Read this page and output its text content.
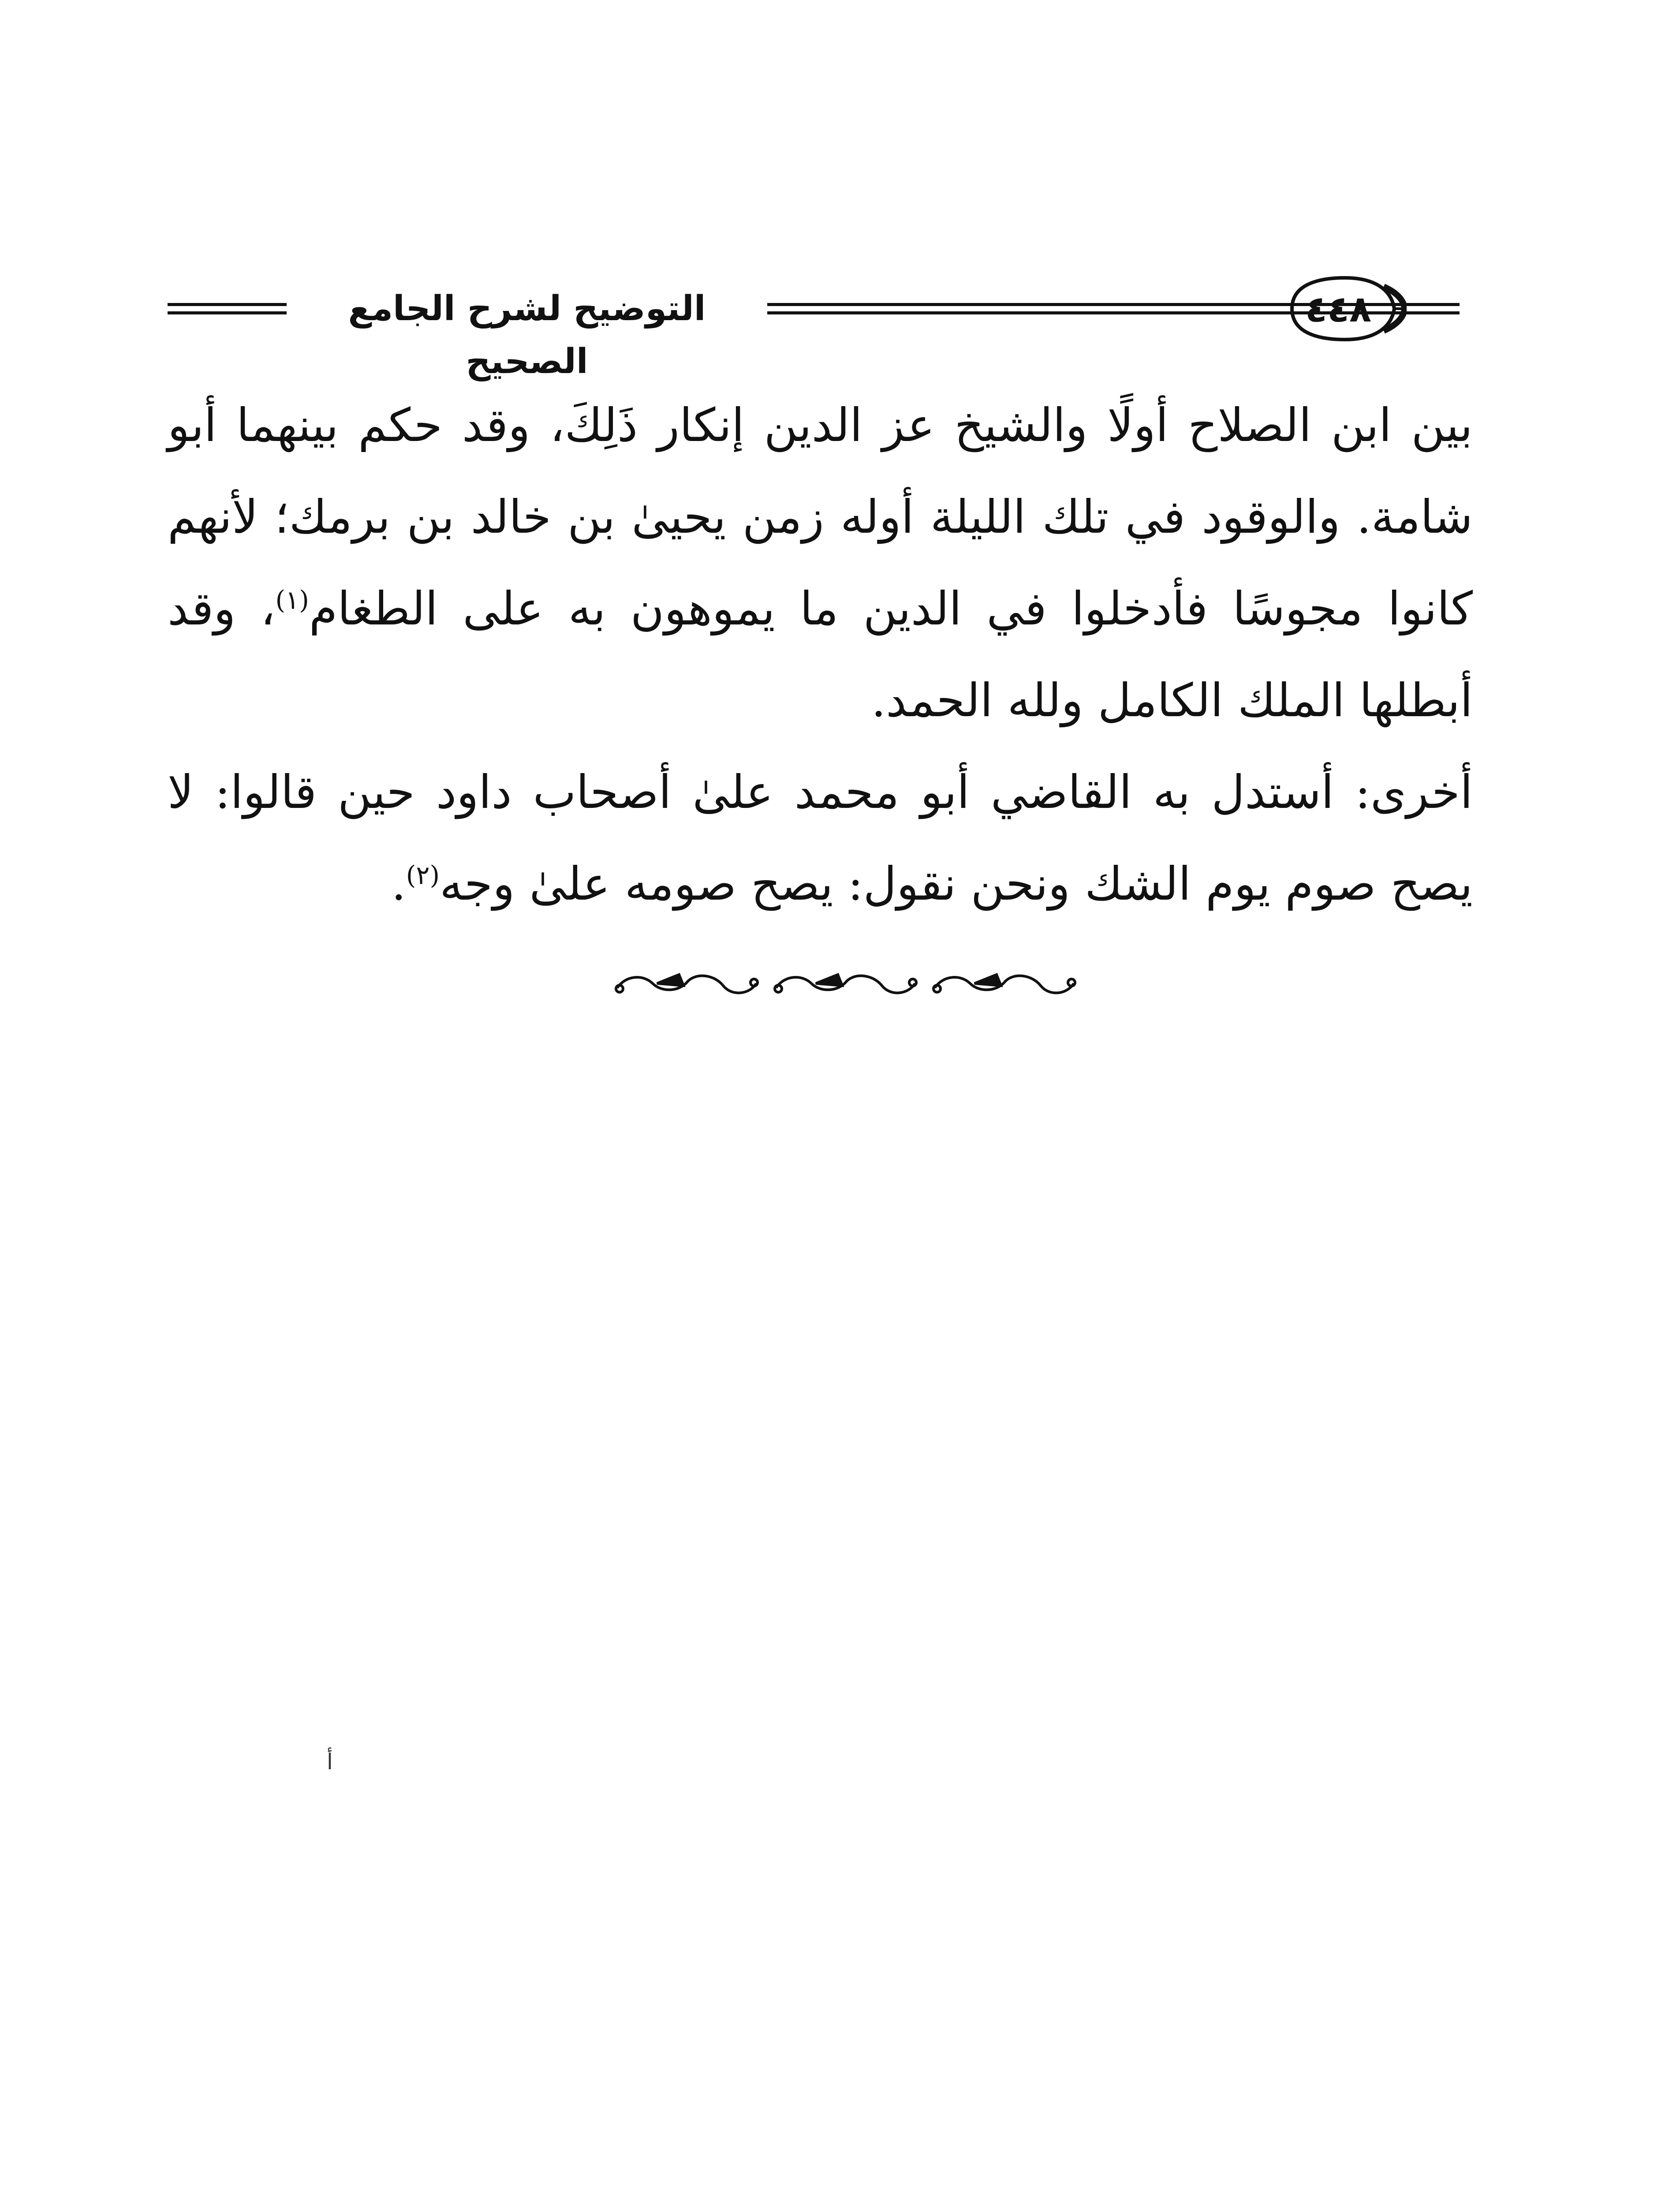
التوضيح لشرح الجامع الصحيح
٤٤٨

بين ابن الصلاح أولًا والشيخ عز الدين إنكار ذَلِكَ، وقد حكم بينهما أبو شامة. والوقود في تلك الليلة أوله زمن يحيىٰ بن خالد بن برمك؛ لأنهم كانوا مجوسًا فأدخلوا في الدين ما يموهون به على الطغام$^{(١)}$، وقد أبطلها الملك الكامل ولله الحمد.

أخرى: أستدل به القاضي أبو محمد علىٰ أصحاب داود حين قالوا: لا يصح صوم يوم الشك ونحن نقول: يصح صومه علىٰ وجه$^{(٢)}$.

أ
